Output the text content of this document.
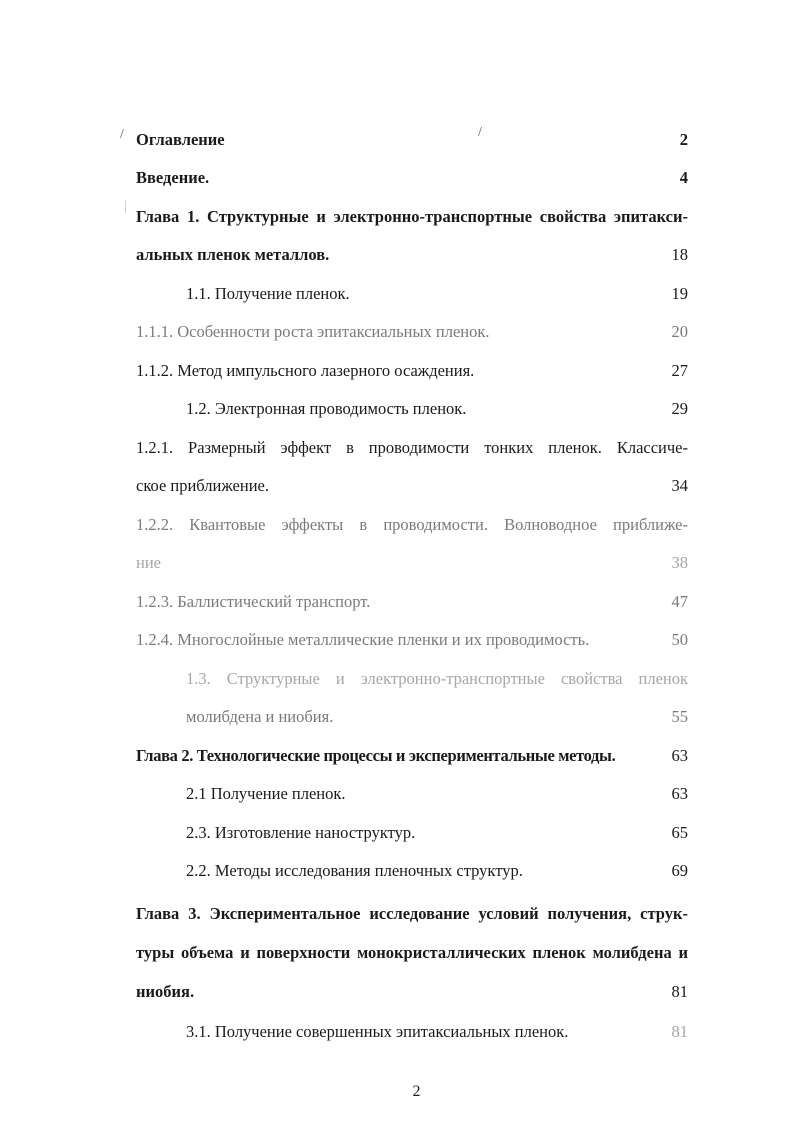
/	/
|
Оглавление	2
Введение.	4
Глава 1. Структурные и электронно-транспортные свойства эпитакси-
альных пленок металлов.	18
1.1. Получение пленок.	19
1.1.1. Особенности роста эпитаксиальных пленок.	20
1.1.2. Метод импульсного лазерного осаждения.	27
1.2. Электронная проводимость пленок.	29
1.2.1. Размерный эффект в проводимости тонких пленок. Классиче-
ское приближение.	34
1.2.2. Квантовые эффекты в проводимости. Волноводное приближе-
ние	38
1.2.3. Баллистический транспорт.	47
1.2.4. Многослойные металлические пленки и их проводимость.	50
1.3. Структурные и электронно-транспортные свойства пленок
молибдена и ниобия.	55
Глава 2. Технологические процессы и экспериментальные методы.	63
2.1 Получение пленок.	63
2.3. Изготовление наноструктур.	65
2.2. Методы исследования пленочных структур.	69
Глава 3. Экспериментальное исследование условий получения, струк-
туры объема и поверхности монокристаллических пленок молибдена и
ниобия.	81
3.1. Получение совершенных эпитаксиальных пленок.	81
2
